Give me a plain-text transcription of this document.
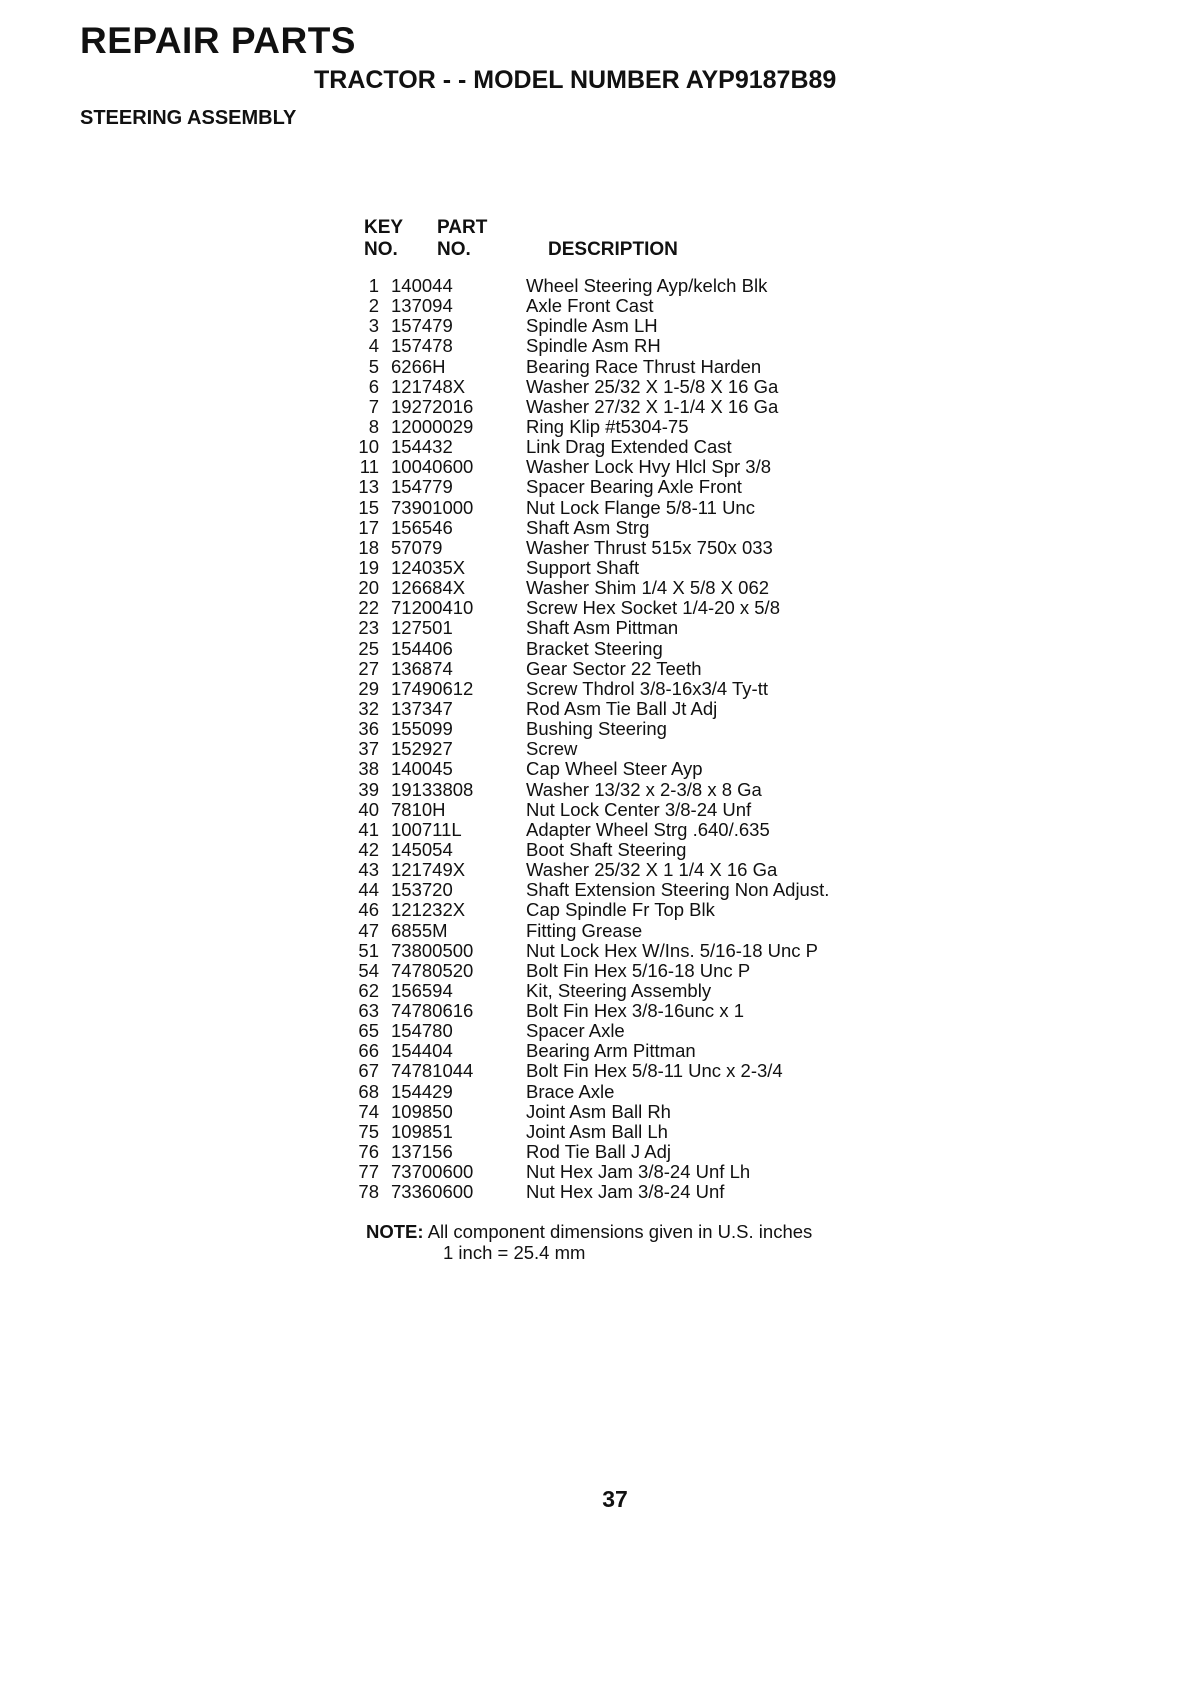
REPAIR PARTS
TRACTOR - - MODEL NUMBER AYP9187B89
STEERING ASSEMBLY
KEY
NO.
PART
NO.	DESCRIPTION
1 140044	Wheel Steering Ayp/kelch Blk
2 137094	Axle Front Cast
3 157479	Spindle Asm LH
4 157478	Spindle Asm RH
5 6266H	Bearing Race Thrust Harden
6 121748X	Washer 25/32 X 1-5/8 X 16 Ga
7 19272016	Washer 27/32 X 1-1/4 X 16 Ga
8 12000029	Ring Klip #t5304-75
10 154432	Link Drag Extended Cast
11 10040600	Washer Lock Hvy Hlcl Spr 3/8
13 154779	Spacer Bearing Axle Front
15 73901000	Nut Lock Flange 5/8-11 Unc
17 156546	Shaft Asm Strg
18 57079	Washer Thrust 515x 750x 033
19 124035X	Support Shaft
20 126684X	Washer Shim 1/4 X 5/8 X 062
22 71200410	Screw Hex Socket 1/4-20 x 5/8
23 127501	Shaft Asm Pittman
25 154406	Bracket Steering
27 136874	Gear Sector 22 Teeth
29 17490612	Screw Thdrol 3/8-16x3/4 Ty-tt
32 137347	Rod Asm Tie Ball Jt Adj
36 155099	Bushing Steering
37 152927	Screw
38 140045	Cap Wheel Steer Ayp
39 19133808	Washer 13/32 x 2-3/8 x 8 Ga
40 7810H	Nut Lock Center 3/8-24 Unf
41 100711L	Adapter Wheel Strg .640/.635
42 145054	Boot Shaft Steering
43 121749X	Washer 25/32 X 1 1/4 X 16 Ga
44 153720	Shaft Extension Steering Non Adjust.
46 121232X	Cap Spindle Fr Top Blk
47 6855M	Fitting Grease
51 73800500	Nut Lock Hex W/Ins. 5/16-18 Unc P
54 74780520	Bolt Fin Hex 5/16-18 Unc P
62 156594	Kit, Steering Assembly
63 74780616	Bolt Fin Hex 3/8-16unc x 1
65 154780	Spacer Axle
66 154404	Bearing Arm Pittman
67 74781044	Bolt Fin Hex 5/8-11 Unc x 2-3/4
68 154429	Brace Axle
74 109850	Joint Asm Ball Rh
75 109851	Joint Asm Ball Lh
76 137156	Rod Tie Ball J Adj
77 73700600	Nut Hex Jam 3/8-24 Unf Lh
78 73360600	Nut Hex Jam 3/8-24 Unf
NOTE: All component dimensions given in U.S. inches
1 inch = 25.4 mm
37
